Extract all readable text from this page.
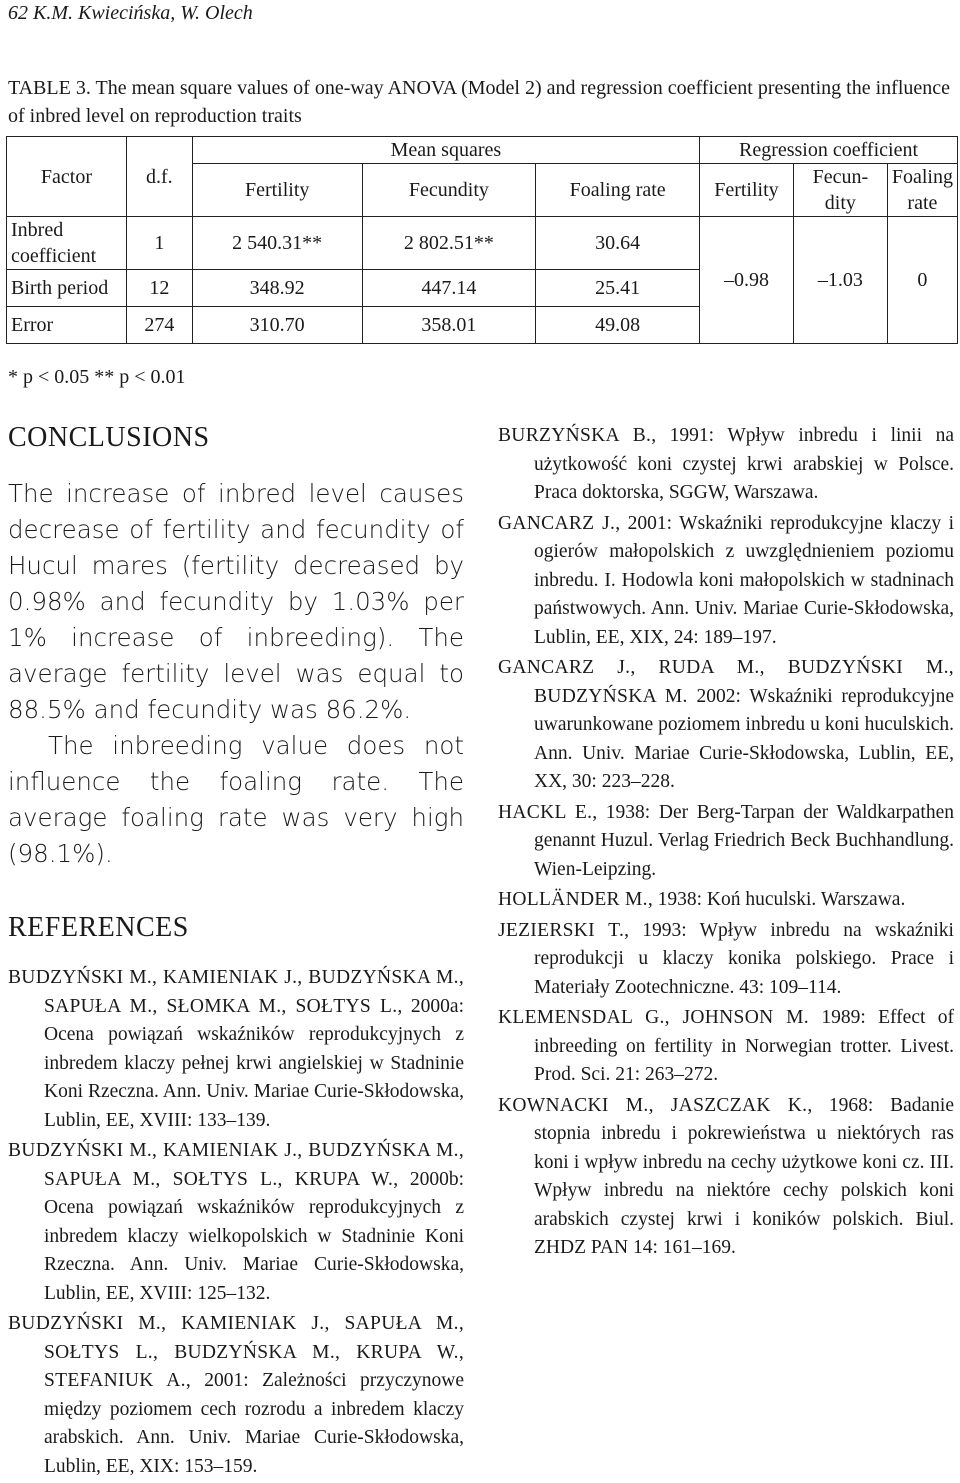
62 K.M. Kwiecińska, W. Olech
TABLE 3. The mean square values of one-way ANOVA (Model 2) and regression coefficient presenting the influence of inbred level on reproduction traits
Factor	d.f.	Mean squares			Regression coefficient		
		Fertility	Fecundity	Foaling rate	Fertility	Fecun-dity	Foaling rate
Inbred coefficient	1	2 540.31**	2 802.51**	30.64	–0.98	–1.03	0
Birth period	12	348.92	447.14	25.41			
Error	274	310.70	358.01	49.08			
* p < 0.05 ** p < 0.01
CONCLUSIONS

The increase of inbred level causes decrease of fertility and fecundity of Hucul mares (fertility decreased by 0.98% and fecundity by 1.03% per 1% increase of inbreeding). The average fertility level was equal to 88.5% and fecundity was 86.2%.

The inbreeding value does not influence the foaling rate. The average foaling rate was very high (98.1%).

REFERENCES

BUDZYŃSKI M., KAMIENIAK J., BUDZYŃSKA M., SAPUŁA M., SŁOMKA M., SOŁTYS L., 2000a: Ocena powiązań wskaźników reprodukcyjnych z inbredem klaczy pełnej krwi angielskiej w Stadninie Koni Rzeczna. Ann. Univ. Mariae Curie-Skłodowska, Lublin, EE, XVIII: 133–139.

BUDZYŃSKI M., KAMIENIAK J., BUDZYŃSKA M., SAPUŁA M., SOŁTYS L., KRUPA W., 2000b: Ocena powiązań wskaźników reprodukcyjnych z inbredem klaczy wielkopolskich w Stadninie Koni Rzeczna. Ann. Univ. Mariae Curie-Skłodowska, Lublin, EE, XVIII: 125–132.

BUDZYŃSKI M., KAMIENIAK J., SAPUŁA M., SOŁTYS L., BUDZYŃSKA M., KRUPA W., STEFANIUK A., 2001: Zależności przyczynowe między poziomem cech rozrodu a inbredem klaczy arabskich. Ann. Univ. Mariae Curie-Skłodowska, Lublin, EE, XIX: 153–159.

BURZYŃSKA B., 1991: Wpływ inbredu i linii na użytkowość koni czystej krwi arabskiej w Polsce. Praca doktorska, SGGW, Warszawa.

GANCARZ J., 2001: Wskaźniki reprodukcyjne klaczy i ogierów małopolskich z uwzględnieniem poziomu inbredu. I. Hodowla koni małopolskich w stadninach państwowych. Ann. Univ. Mariae Curie-Skłodowska, Lublin, EE, XIX, 24: 189–197.

GANCARZ J., RUDA M., BUDZYŃSKI M., BUDZYŃSKA M. 2002: Wskaźniki reprodukcyjne uwarunkowane poziomem inbredu u koni huculskich. Ann. Univ. Mariae Curie-Skłodowska, Lublin, EE, XX, 30: 223–228.

HACKL E., 1938: Der Berg-Tarpan der Waldkarpathen genannt Huzul. Verlag Friedrich Beck Buchhandlung. Wien-Leipzing.

HOLLÄNDER M., 1938: Koń huculski. Warszawa.

JEZIERSKI T., 1993: Wpływ inbredu na wskaźniki reprodukcji u klaczy konika polskiego. Prace i Materiały Zootechniczne. 43: 109–114.

KLEMENSDAL G., JOHNSON M. 1989: Effect of inbreeding on fertility in Norwegian trotter. Livest. Prod. Sci. 21: 263–272.

KOWNACKI M., JASZCZAK K., 1968: Badanie stopnia inbredu i pokrewieństwa u niektórych ras koni i wpływ inbredu na cechy użytkowe koni cz. III. Wpływ inbredu na niektóre cechy polskich koni arabskich czystej krwi i koników polskich. Biul. ZHDZ PAN 14: 161–169.
